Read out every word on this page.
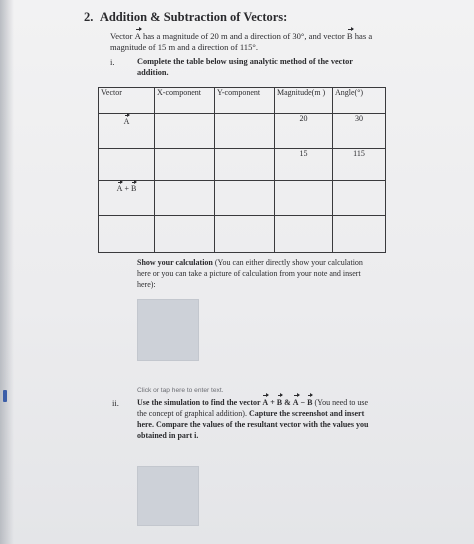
2. Addition & Subtraction of Vectors:
Vector A has a magnitude of 20 m and a direction of 30°, and vector B has a magnitude of 15 m and a direction of 115°.
i.	Complete the table below using analytic method of the vector addition.
Vector	X-component	Y-component	Magnitude(m )	Angle(°)
A			20	30
			15	115
A + B				

Show your calculation (You can either directly show your calculation here or you can take a picture of calculation from your note and insert here):
Click or tap here to enter text.
ii. Use the simulation to find the vector A + B & A − B (You need to use the concept of graphical addition). Capture the screenshot and insert here. Compare the values of the resultant vector with the values you obtained in part i.
